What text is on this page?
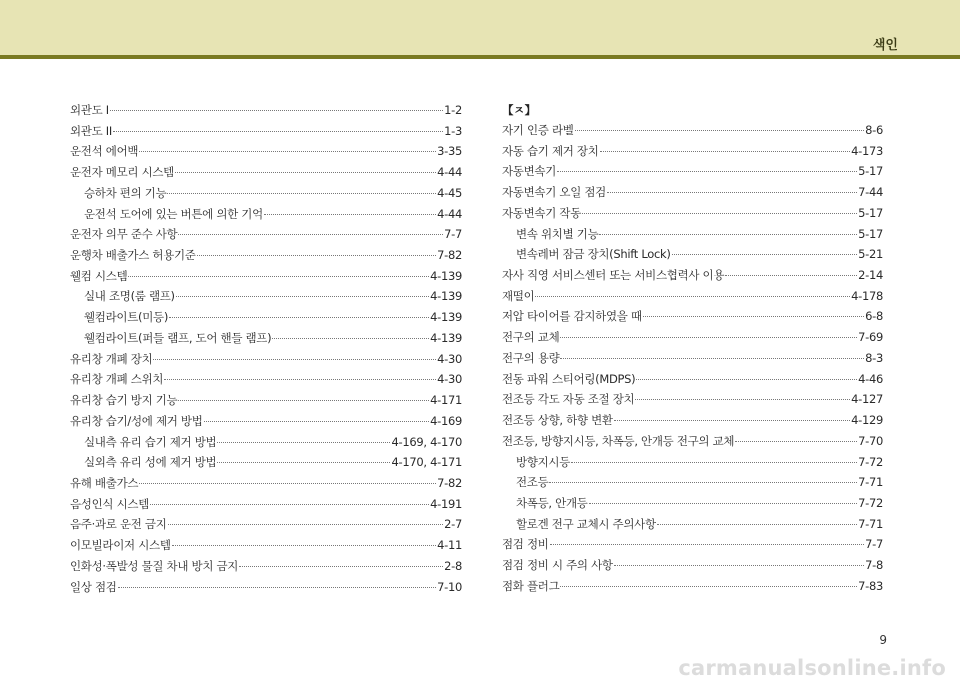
색인
외관도 I	1-2
외관도 II	1-3
운전석 에어백	3-35
운전자 메모리 시스템	4-44
승하차 편의 기능	4-45
운전석 도어에 있는 버튼에 의한 기억	4-44
운전자 의무 준수 사항	7-7
운행차 배출가스 허용기준	7-82
웰컴 시스템	4-139
실내 조명(룸 램프)	4-139
웰컴라이트(미등)	4-139
웰컴라이트(퍼들 램프, 도어 핸들 램프)	4-139
유리창 개폐 장치	4-30
유리창 개폐 스위치	4-30
유리창 습기 방지 기능	4-171
유리창 습기/성에 제거 방법	4-169
실내측 유리 습기 제거 방법	4-169, 4-170
실외측 유리 성에 제거 방법	4-170, 4-171
유해 배출가스	7-82
음성인식 시스템	4-191
음주·과로 운전 금지	2-7
이모빌라이저 시스템	4-11
인화성·폭발성 물질 차내 방치 금지	2-8
일상 점검	7-10
【ㅈ】
자기 인증 라벨	8-6
자동 습기 제거 장치	4-173
자동변속기	5-17
자동변속기 오일 점검	7-44
자동변속기 작동	5-17
변속 위치별 기능	5-17
변속레버 잠금 장치(Shift Lock)	5-21
자사 직영 서비스센터 또는 서비스협력사 이용	2-14
재떨이	4-178
저압 타이어를 감지하였을 때	6-8
전구의 교체	7-69
전구의 용량	8-3
전동 파워 스티어링(MDPS)	4-46
전조등 각도 자동 조절 장치	4-127
전조등 상향, 하향 변환	4-129
전조등, 방향지시등, 차폭등, 안개등 전구의 교체	7-70
방향지시등	7-72
전조등	7-71
차폭등, 안개등	7-72
할로겐 전구 교체시 주의사항	7-71
점검 정비	7-7
점검 정비 시 주의 사항	7-8
점화 플러그	7-83
9
carmanualsonline.info
